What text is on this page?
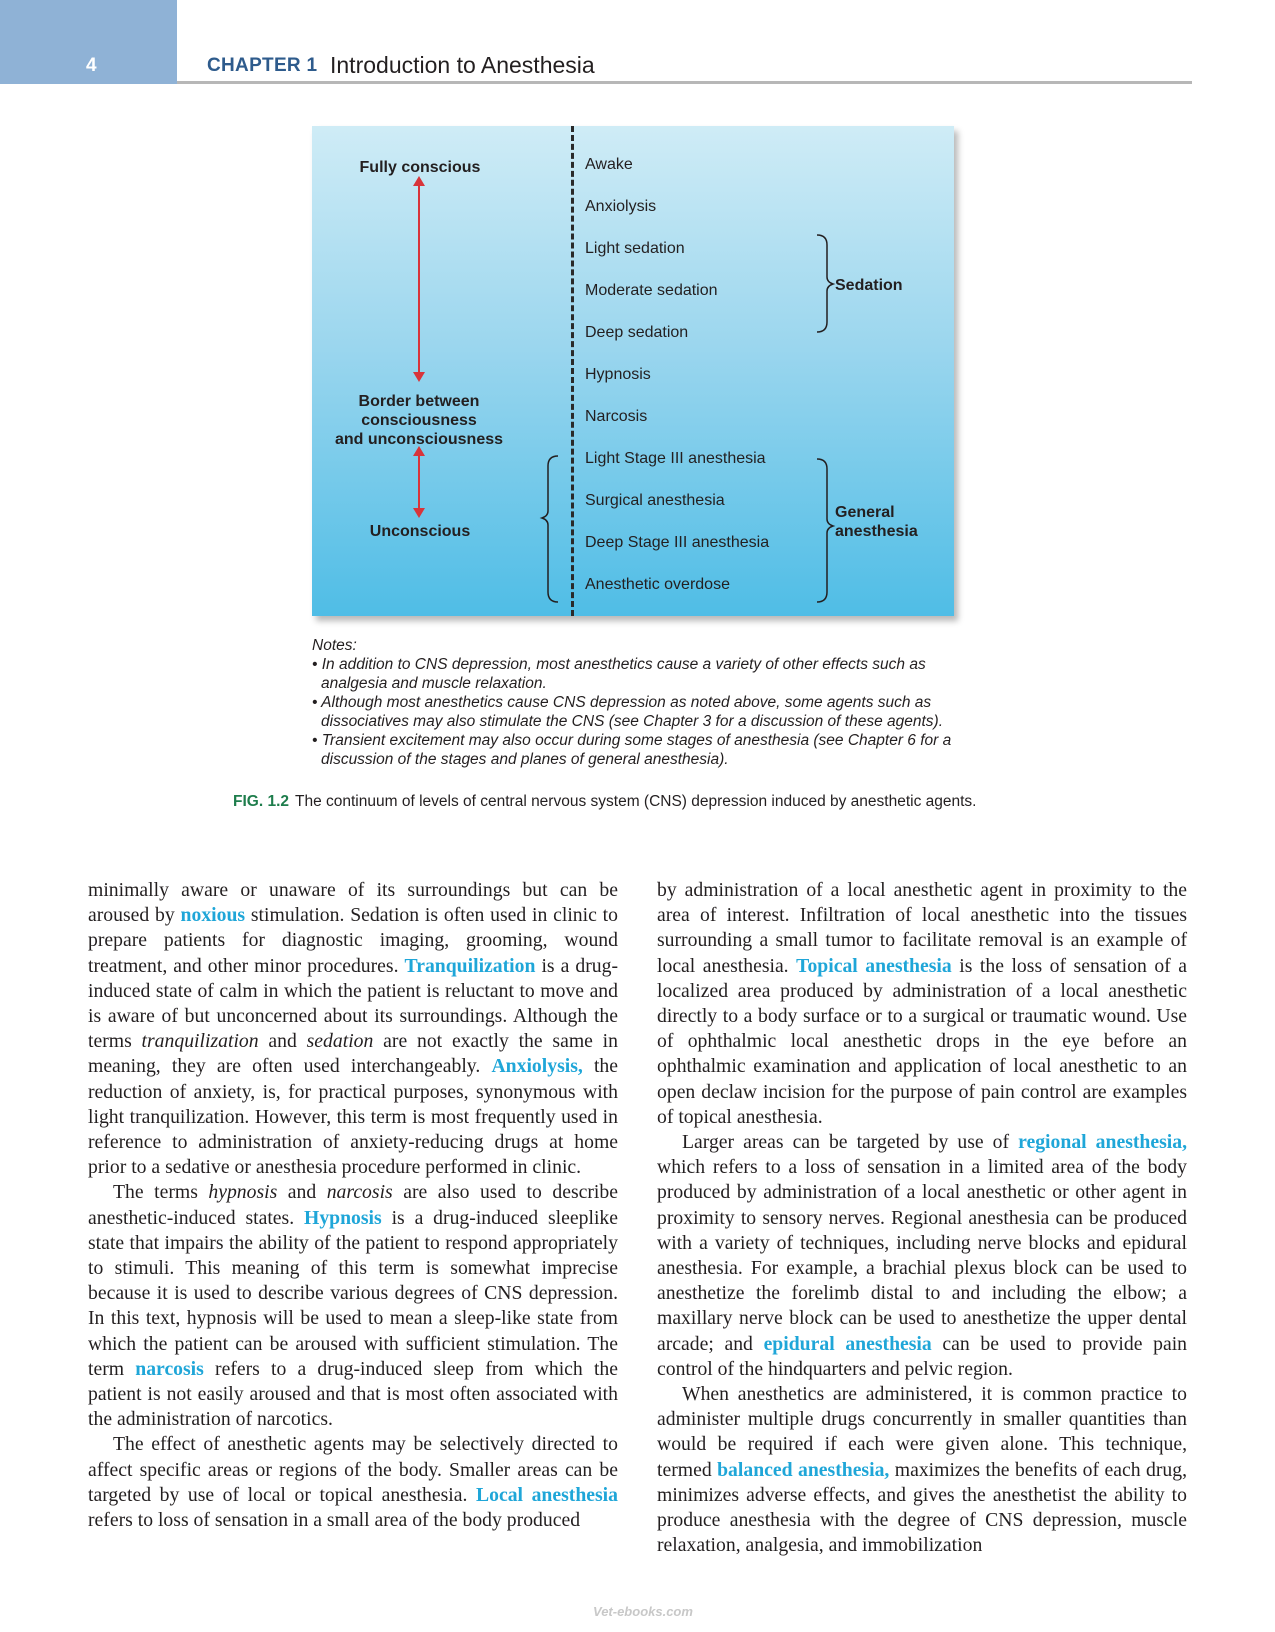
4	CHAPTER 1 Introduction to Anesthesia
Fully conscious
Border between
consciousness
and unconsciousness
Unconscious
Awake
Anxiolysis
Light sedation
Moderate sedation
Deep sedation
Hypnosis
Narcosis
Light Stage III anesthesia
Surgical anesthesia
Deep Stage III anesthesia
Anesthetic overdose
Sedation
General
anesthesia
Notes:
• In addition to CNS depression, most anesthetics cause a variety of other effects such as analgesia and muscle relaxation.
• Although most anesthetics cause CNS depression as noted above, some agents such as dissociatives may also stimulate the CNS (see Chapter 3 for a discussion of these agents).
• Transient excitement may also occur during some stages of anesthesia (see Chapter 6 for a discussion of the stages and planes of general anesthesia).
FIG. 1.2 The continuum of levels of central nervous system (CNS) depression induced by anesthetic agents.

minimally aware or unaware of its surroundings but can be aroused by noxious stimulation. Sedation is often used in clinic to prepare patients for diagnostic imaging, grooming, wound treatment, and other minor procedures. Tranquilization is a drug-induced state of calm in which the patient is reluctant to move and is aware of but unconcerned about its surroundings. Although the terms tranquilization and sedation are not exactly the same in meaning, they are often used interchangeably. Anxiolysis, the reduction of anxiety, is, for practical purposes, synonymous with light tranquilization. However, this term is most frequently used in reference to administration of anxiety-reducing drugs at home prior to a sedative or anesthesia procedure performed in clinic.

The terms hypnosis and narcosis are also used to describe anesthetic-induced states. Hypnosis is a drug-induced sleeplike state that impairs the ability of the patient to respond appropriately to stimuli. This meaning of this term is somewhat imprecise because it is used to describe various degrees of CNS depression. In this text, hypnosis will be used to mean a sleep-like state from which the patient can be aroused with sufficient stimulation. The term narcosis refers to a drug-induced sleep from which the patient is not easily aroused and that is most often associated with the administration of narcotics.

The effect of anesthetic agents may be selectively directed to affect specific areas or regions of the body. Smaller areas can be targeted by use of local or topical anesthesia. Local anesthesia refers to loss of sensation in a small area of the body produced

by administration of a local anesthetic agent in proximity to the area of interest. Infiltration of local anesthetic into the tissues surrounding a small tumor to facilitate removal is an example of local anesthesia. Topical anesthesia is the loss of sensation of a localized area produced by administration of a local anesthetic directly to a body surface or to a surgical or traumatic wound. Use of ophthalmic local anesthetic drops in the eye before an ophthalmic examination and application of local anesthetic to an open declaw incision for the purpose of pain control are examples of topical anesthesia.

Larger areas can be targeted by use of regional anesthesia, which refers to a loss of sensation in a limited area of the body produced by administration of a local anesthetic or other agent in proximity to sensory nerves. Regional anesthesia can be produced with a variety of techniques, including nerve blocks and epidural anesthesia. For example, a brachial plexus block can be used to anesthetize the forelimb distal to and including the elbow; a maxillary nerve block can be used to anesthetize the upper dental arcade; and epidural anesthesia can be used to provide pain control of the hindquarters and pelvic region.

When anesthetics are administered, it is common practice to administer multiple drugs concurrently in smaller quantities than would be required if each were given alone. This technique, termed balanced anesthesia, maximizes the benefits of each drug, minimizes adverse effects, and gives the anesthetist the ability to produce anesthesia with the degree of CNS depression, muscle relaxation, analgesia, and immobilization

Vet-ebooks.com
